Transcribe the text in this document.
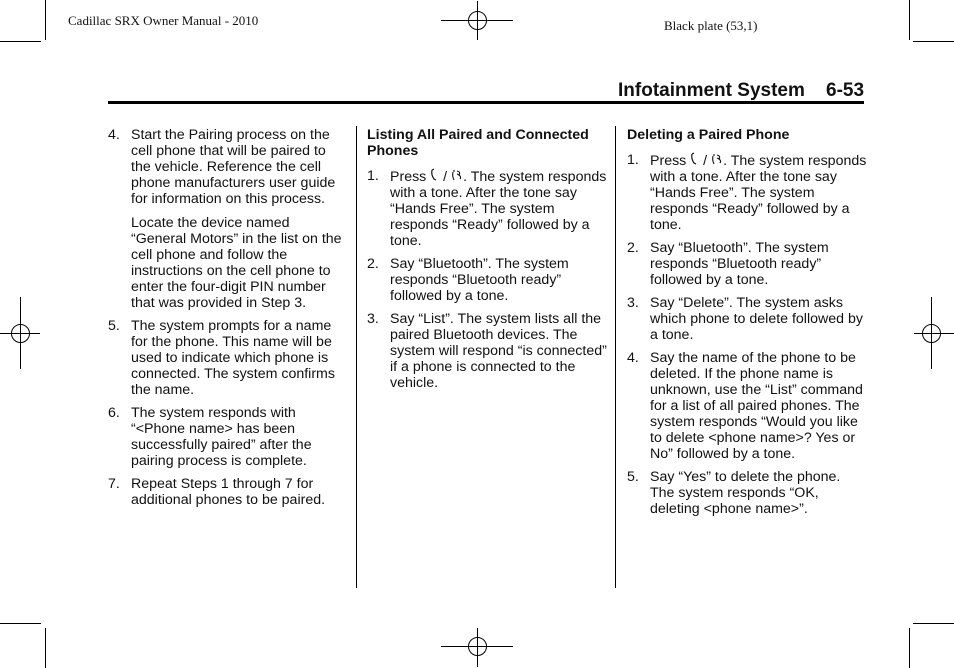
Cadillac SRX Owner Manual - 2010	Black plate (53,1)
Infotainment System 6-53
4. Start the Pairing process on the cell phone that will be paired to the vehicle. Reference the cell phone manufacturers user guide for information on this process.
Locate the device named “General Motors” in the list on the cell phone and follow the instructions on the cell phone to enter the four-digit PIN number that was provided in Step 3.
5. The system prompts for a name for the phone. This name will be used to indicate which phone is connected. The system confirms the name.
6. The system responds with “<Phone name> has been successfully paired” after the pairing process is complete.
7. Repeat Steps 1 through 7 for additional phones to be paired.
Listing All Paired and Connected Phones
1. Press / . The system responds with a tone. After the tone say “Hands Free”. The system responds “Ready” followed by a tone.
2. Say “Bluetooth”. The system responds “Bluetooth ready” followed by a tone.
3. Say “List”. The system lists all the paired Bluetooth devices. The system will respond “is connected” if a phone is connected to the vehicle.
Deleting a Paired Phone
1. Press / . The system responds with a tone. After the tone say “Hands Free”. The system responds “Ready” followed by a tone.
2. Say “Bluetooth”. The system responds “Bluetooth ready” followed by a tone.
3. Say “Delete”. The system asks which phone to delete followed by a tone.
4. Say the name of the phone to be deleted. If the phone name is unknown, use the “List” command for a list of all paired phones. The system responds “Would you like to delete <phone name>? Yes or No” followed by a tone.
5. Say “Yes” to delete the phone. The system responds “OK, deleting <phone name>”.
